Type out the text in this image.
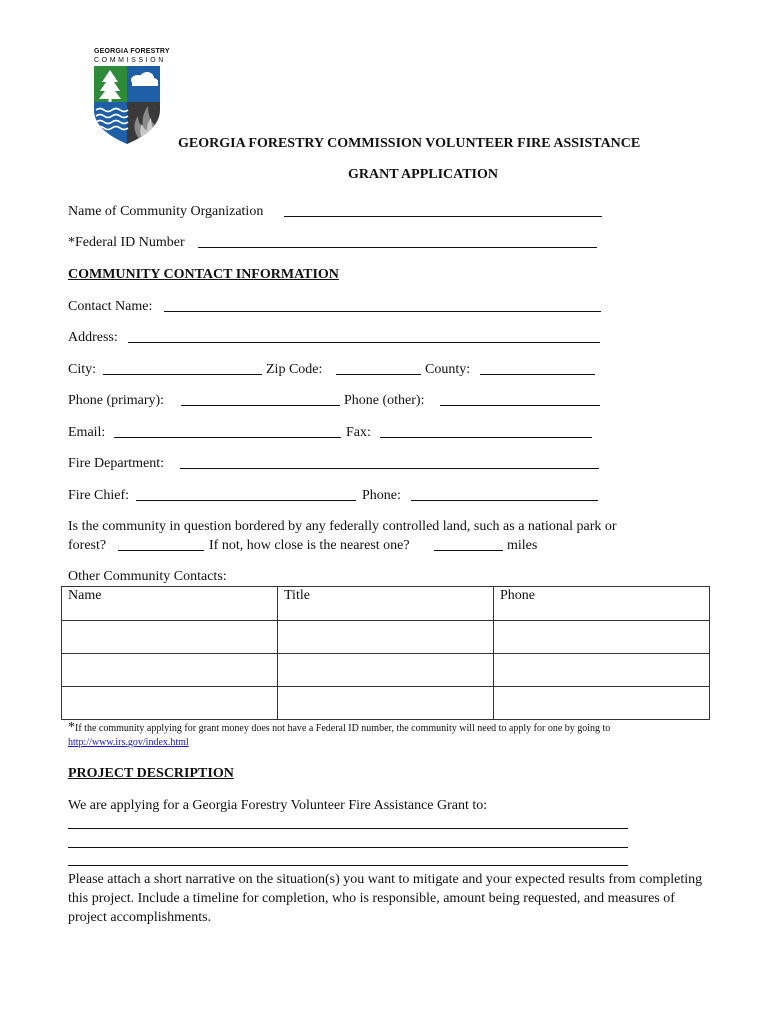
GEORGIA FORESTRY
COMMISSION
GEORGIA FORESTRY COMMISSION VOLUNTEER FIRE ASSISTANCE
GRANT APPLICATION
Name of Community Organization
*Federal ID Number
COMMUNITY CONTACT INFORMATION
Contact Name:
Address:
City:	Zip Code:	County:
Phone (primary):	Phone (other):
Email:	Fax:
Fire Department:
Fire Chief:	Phone:
Is the community in question bordered by any federally controlled land, such as a national park or
forest?	If not, how close is the nearest one?	miles
Other Community Contacts:
Name	Title	Phone

*If the community applying for grant money does not have a Federal ID number, the community will need to apply for one by going to
http://www.irs.gov/index.html
PROJECT DESCRIPTION
We are applying for a Georgia Forestry Volunteer Fire Assistance Grant to:
Please attach a short narrative on the situation(s) you want to mitigate and your expected results from completing this project. Include a timeline for completion, who is responsible, amount being requested, and measures of project accomplishments.
